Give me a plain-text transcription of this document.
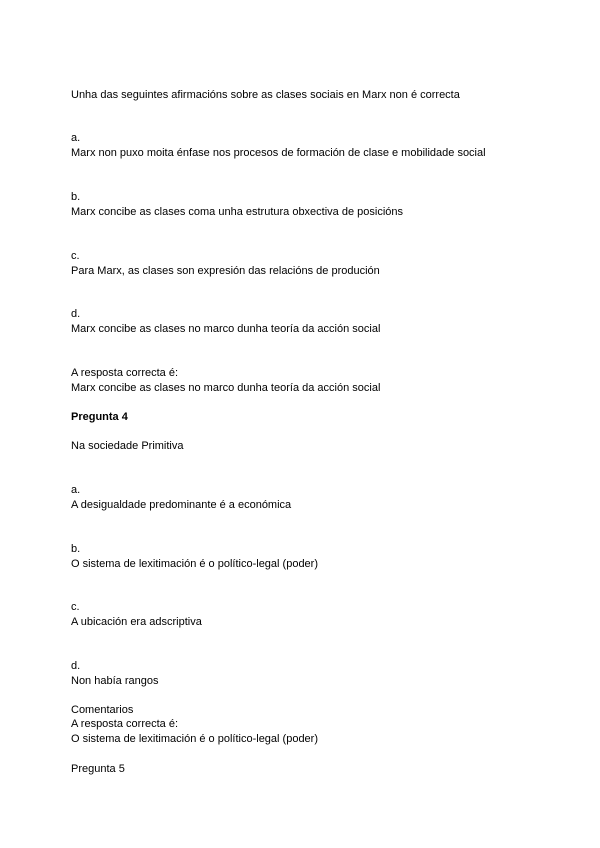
Unha das seguintes afirmacións sobre as clases sociais en Marx non é correcta

a.

Marx non puxo moita énfase nos procesos de formación de clase e mobilidade social

b.

Marx concibe as clases coma unha estrutura obxectiva de posicións

c.

Para Marx, as clases son expresión das relacións de produción

d.

Marx concibe as clases no marco dunha teoría da acción social

A resposta correcta é:

Marx concibe as clases no marco dunha teoría da acción social

Pregunta 4

Na sociedade Primitiva

a.

A desigualdade predominante é a económica

b.

O sistema de lexitimación é o político-legal (poder)

c.

A ubicación era adscriptiva

d.

Non había rangos

Comentarios

A resposta correcta é:

O sistema de lexitimación é o político-legal (poder)

Pregunta 5
